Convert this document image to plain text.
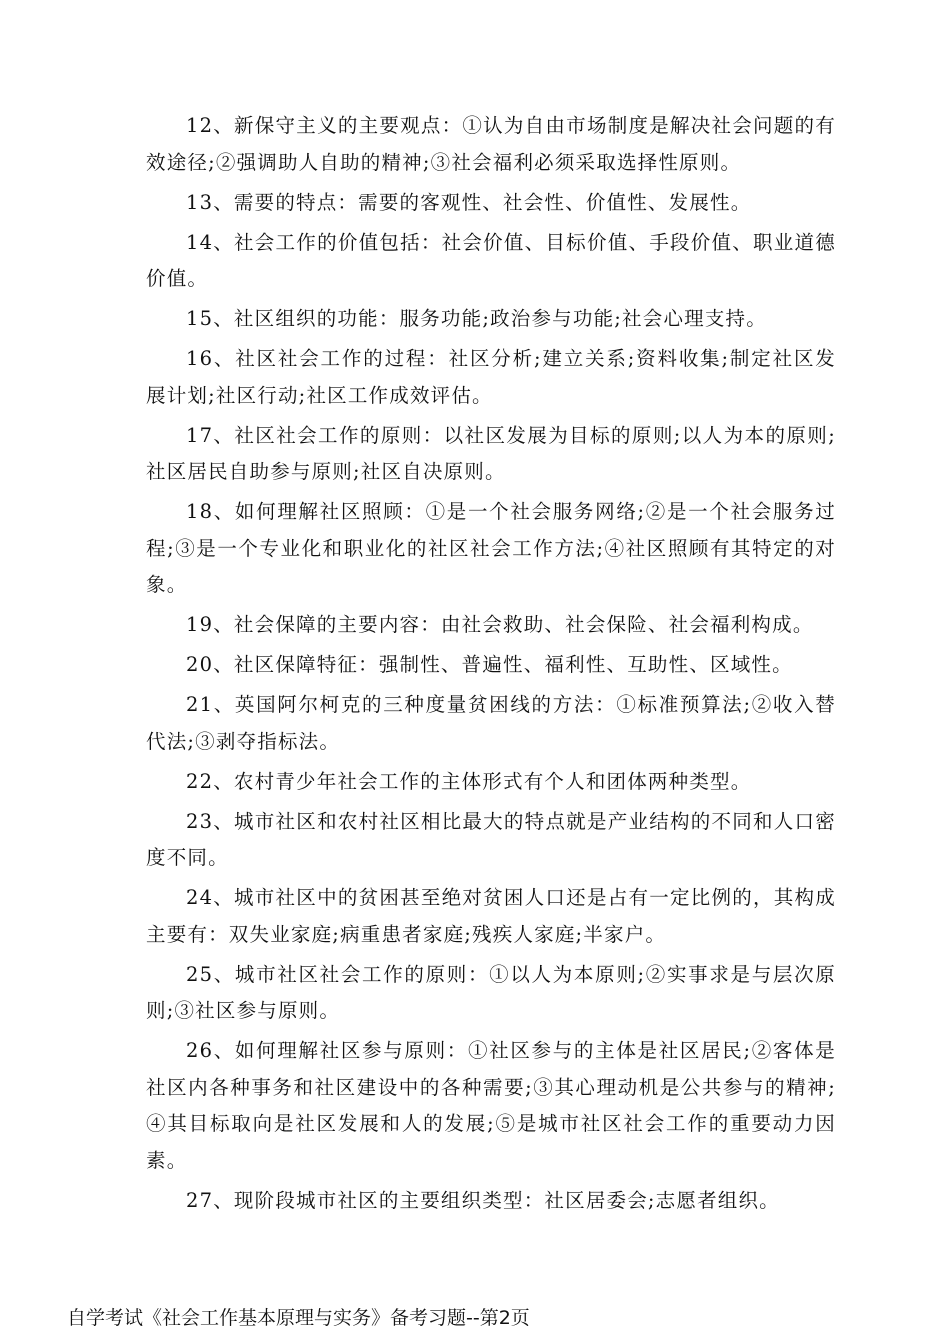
12、新保守主义的主要观点：①认为自由市场制度是解决社会问题的有效途径;②强调助人自助的精神;③社会福利必须采取选择性原则。

13、需要的特点：需要的客观性、社会性、价值性、发展性。

14、社会工作的价值包括：社会价值、目标价值、手段价值、职业道德价值。

15、社区组织的功能：服务功能;政治参与功能;社会心理支持。

16、社区社会工作的过程：社区分析;建立关系;资料收集;制定社区发展计划;社区行动;社区工作成效评估。

17、社区社会工作的原则：以社区发展为目标的原则;以人为本的原则;社区居民自助参与原则;社区自决原则。

18、如何理解社区照顾：①是一个社会服务网络;②是一个社会服务过程;③是一个专业化和职业化的社区社会工作方法;④社区照顾有其特定的对象。

19、社会保障的主要内容：由社会救助、社会保险、社会福利构成。

20、社区保障特征：强制性、普遍性、福利性、互助性、区域性。

21、英国阿尔柯克的三种度量贫困线的方法：①标准预算法;②收入替代法;③剥夺指标法。

22、农村青少年社会工作的主体形式有个人和团体两种类型。

23、城市社区和农村社区相比最大的特点就是产业结构的不同和人口密度不同。

24、城市社区中的贫困甚至绝对贫困人口还是占有一定比例的，其构成主要有：双失业家庭;病重患者家庭;残疾人家庭;半家户。

25、城市社区社会工作的原则：①以人为本原则;②实事求是与层次原则;③社区参与原则。

26、如何理解社区参与原则：①社区参与的主体是社区居民;②客体是社区内各种事务和社区建设中的各种需要;③其心理动机是公共参与的精神;④其目标取向是社区发展和人的发展;⑤是城市社区社会工作的重要动力因素。

27、现阶段城市社区的主要组织类型：社区居委会;志愿者组织。

自学考试《社会工作基本原理与实务》备考习题--第2页
